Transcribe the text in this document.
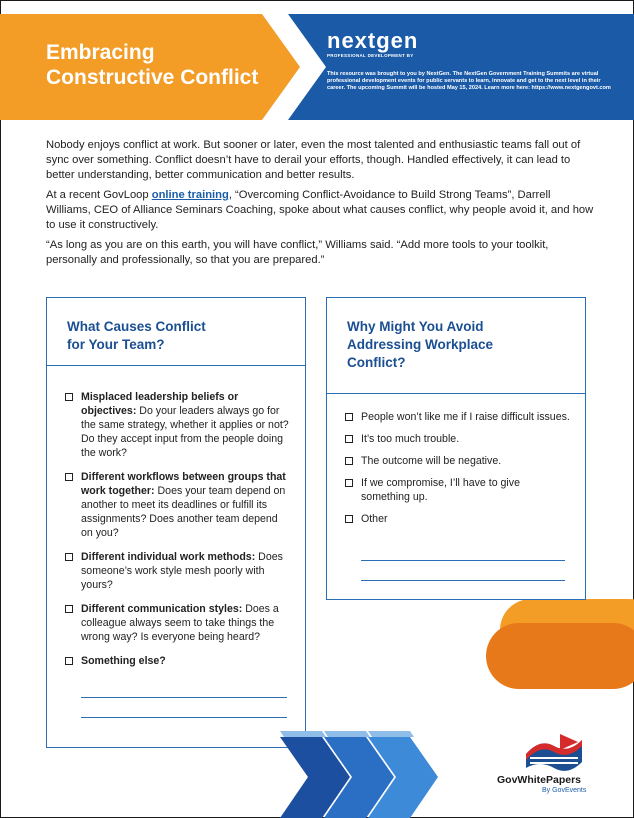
Embracing
Constructive Conflict
nextgen
PROFESSIONAL DEVELOPMENT BY
This resource was brought to you by NextGen. The NextGen Government Training Summits are virtual professional development events for public servants to learn, innovate and get to the next level in their career. The upcoming Summit will be hosted May 15, 2024. Learn more here: https://www.nextgengovt.com

Nobody enjoys conflict at work. But sooner or later, even the most talented and enthusiastic teams fall out of sync over something. Conflict doesn’t have to derail your efforts, though. Handled effectively, it can lead to better understanding, better communication and better results.

At a recent GovLoop online training, “Overcoming Conflict-Avoidance to Build Strong Teams”, Darrell Williams, CEO of Alliance Seminars Coaching, spoke about what causes conflict, why people avoid it, and how to use it constructively.

“As long as you are on this earth, you will have conflict,” Williams said. “Add more tools to your toolkit, personally and professionally, so that you are prepared.”

What Causes Conflict
for Your Team?
Misplaced leadership beliefs or objectives: Do your leaders always go for the same strategy, whether it applies or not? Do they accept input from the people doing the work?
Different workflows between groups that work together: Does your team depend on another to meet its deadlines or fulfill its assignments? Does another team depend on you?
Different individual work methods: Does someone’s work style mesh poorly with yours?
Different communication styles: Does a colleague always seem to take things the wrong way? Is everyone being heard?
Something else?
Why Might You Avoid
Addressing Workplace
Conflict?
People won’t like me if I raise difficult issues.
It’s too much trouble.
The outcome will be negative.
If we compromise, I’ll have to give something up.
Other
GovWhitePapers
By GovEvents
